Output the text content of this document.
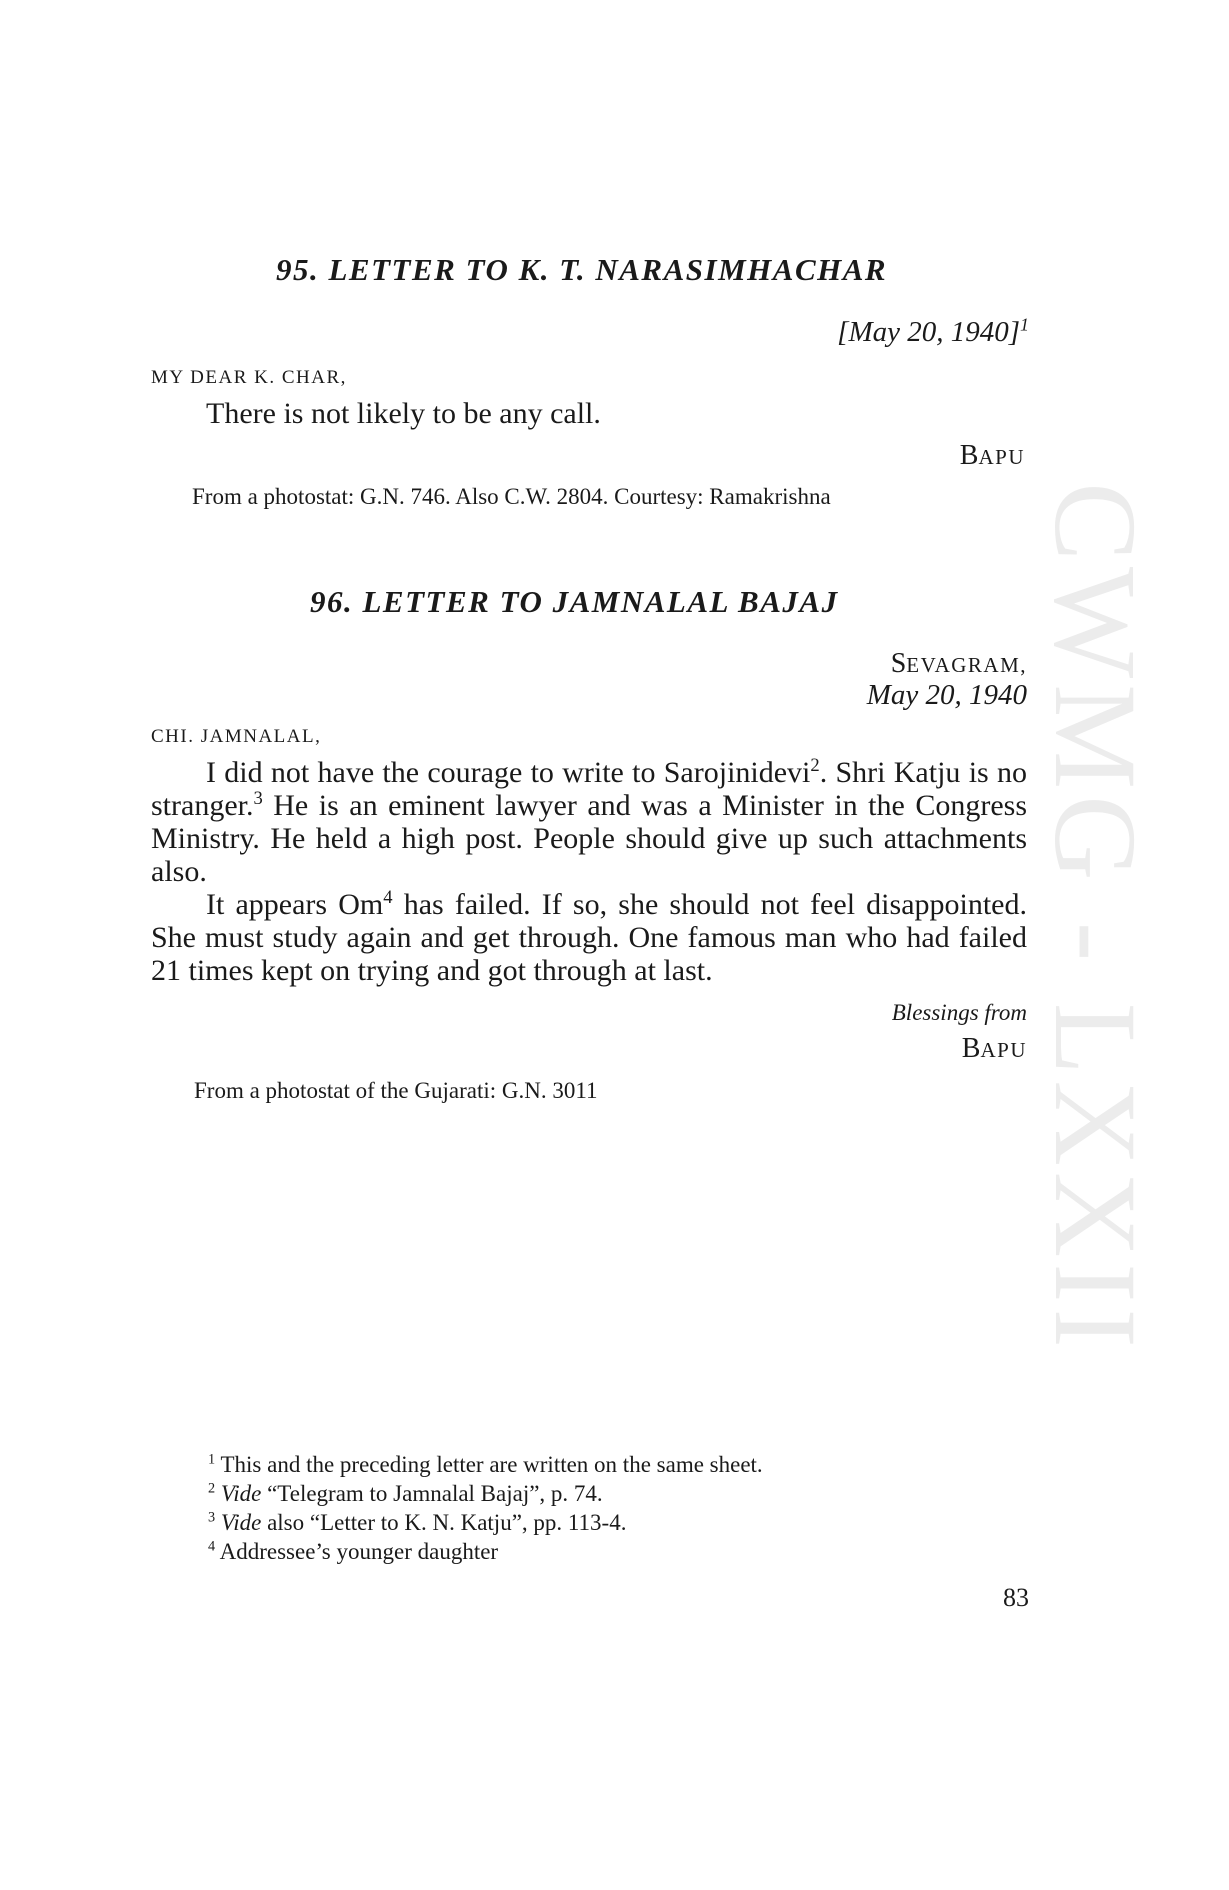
CWMG - LXXII
95. LETTER TO K. T. NARASIMHACHAR
[May 20, 1940]$^1$
MY DEAR K. CHAR,

There is not likely to be any call.

BAPU
From a photostat: G.N. 746. Also C.W. 2804. Courtesy: Ramakrishna
96. LETTER TO JAMNALAL BAJAJ
SEVAGRAM,
May 20, 1940
CHI. JAMNALAL,

I did not have the courage to write to Sarojinidevi$^2$. Shri Katju is no stranger.$^3$ He is an eminent lawyer and was a Minister in the Congress Ministry. He held a high post. People should give up such attachments also.

It appears Om$^4$ has failed. If so, she should not feel disappointed. She must study again and get through. One famous man who had failed 21 times kept on trying and got through at last.

Blessings from
BAPU
From a photostat of the Gujarati: G.N. 3011
$^1$ This and the preceding letter are written on the same sheet.
$^2$ Vide “Telegram to Jamnalal Bajaj”, p. 74.
$^3$ Vide also “Letter to K. N. Katju”, pp. 113-4.
$^4$ Addressee’s younger daughter
83
